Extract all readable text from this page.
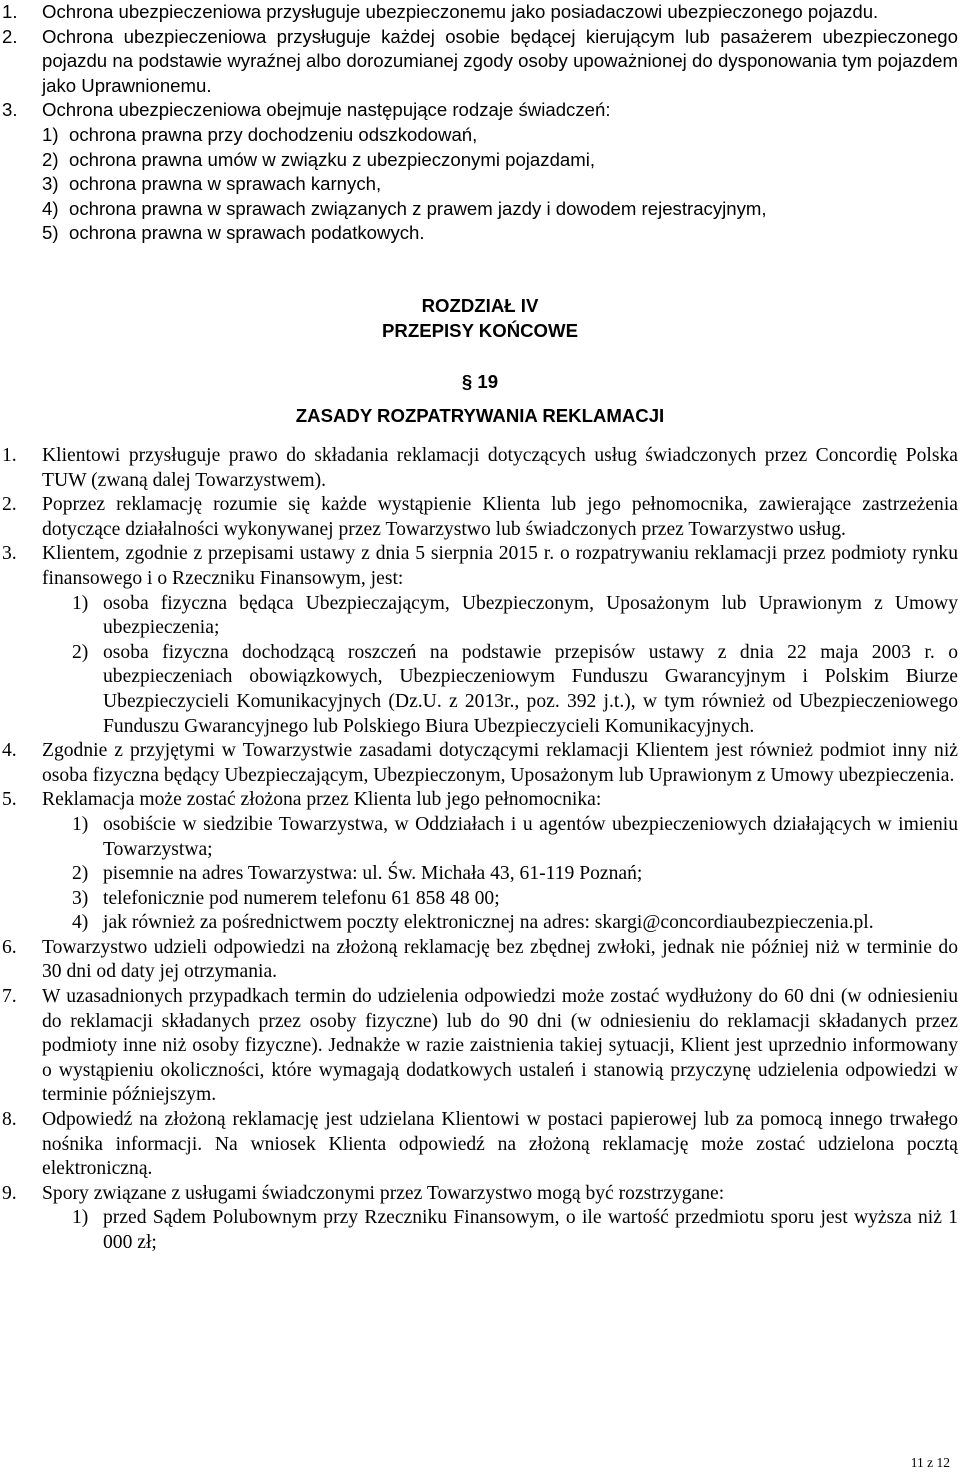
1. Ochrona ubezpieczeniowa przysługuje ubezpieczonemu jako posiadaczowi ubezpieczonego pojazdu.
2. Ochrona ubezpieczeniowa przysługuje każdej osobie będącej kierującym lub pasażerem ubezpieczonego pojazdu na podstawie wyraźnej albo dorozumianej zgody osoby upoważnionej do dysponowania tym pojazdem jako Uprawnionemu.
3. Ochrona ubezpieczeniowa obejmuje następujące rodzaje świadczeń:
1) ochrona prawna przy dochodzeniu odszkodowań,
2) ochrona prawna umów w związku z ubezpieczonymi pojazdami,
3) ochrona prawna w sprawach karnych,
4) ochrona prawna w sprawach związanych z prawem jazdy i dowodem rejestracyjnym,
5) ochrona prawna w sprawach podatkowych.
ROZDZIAŁ IV
PRZEPISY KOŃCOWE
§ 19
ZASADY ROZPATRYWANIA REKLAMACJI
1. Klientowi przysługuje prawo do składania reklamacji dotyczących usług świadczonych przez Concordię Polska TUW (zwaną dalej Towarzystwem).
2. Poprzez reklamację rozumie się każde wystąpienie Klienta lub jego pełnomocnika, zawierające zastrzeżenia dotyczące działalności wykonywanej przez Towarzystwo lub świadczonych przez Towarzystwo usług.
3. Klientem, zgodnie z przepisami ustawy z dnia 5 sierpnia 2015 r. o rozpatrywaniu reklamacji przez podmioty rynku finansowego i o Rzeczniku Finansowym, jest:
1) osoba fizyczna będąca Ubezpieczającym, Ubezpieczonym, Uposażonym lub Uprawionym z Umowy ubezpieczenia;
2) osoba fizyczna dochodzącą roszczeń na podstawie przepisów ustawy z dnia 22 maja 2003 r. o ubezpieczeniach obowiązkowych, Ubezpieczeniowym Funduszu Gwarancyjnym i Polskim Biurze Ubezpieczycieli Komunikacyjnych (Dz.U. z 2013r., poz. 392 j.t.), w tym również od Ubezpieczeniowego Funduszu Gwarancyjnego lub Polskiego Biura Ubezpieczycieli Komunikacyjnych.
4. Zgodnie z przyjętymi w Towarzystwie zasadami dotyczącymi reklamacji Klientem jest również podmiot inny niż osoba fizyczna będący Ubezpieczającym, Ubezpieczonym, Uposażonym lub Uprawionym z Umowy ubezpieczenia.
5. Reklamacja może zostać złożona przez Klienta lub jego pełnomocnika:
1) osobiście w siedzibie Towarzystwa, w Oddziałach i u agentów ubezpieczeniowych działających w imieniu Towarzystwa;
2) pisemnie na adres Towarzystwa: ul. Św. Michała 43, 61-119 Poznań;
3) telefonicznie pod numerem telefonu 61 858 48 00;
4) jak również za pośrednictwem poczty elektronicznej na adres: skargi@concordiaubezpieczenia.pl.
6. Towarzystwo udzieli odpowiedzi na złożoną reklamację bez zbędnej zwłoki, jednak nie później niż w terminie do 30 dni od daty jej otrzymania.
7. W uzasadnionych przypadkach termin do udzielenia odpowiedzi może zostać wydłużony do 60 dni (w odniesieniu do reklamacji składanych przez osoby fizyczne) lub do 90 dni (w odniesieniu do reklamacji składanych przez podmioty inne niż osoby fizyczne). Jednakże w razie zaistnienia takiej sytuacji, Klient jest uprzednio informowany o wystąpieniu okoliczności, które wymagają dodatkowych ustaleń i stanowią przyczynę udzielenia odpowiedzi w terminie późniejszym.
8. Odpowiedź na złożoną reklamację jest udzielana Klientowi w postaci papierowej lub za pomocą innego trwałego nośnika informacji. Na wniosek Klienta odpowiedź na złożoną reklamację może zostać udzielona pocztą elektroniczną.
9. Spory związane z usługami świadczonymi przez Towarzystwo mogą być rozstrzygane:
1) przed Sądem Polubownym przy Rzeczniku Finansowym, o ile wartość przedmiotu sporu jest wyższa niż 1 000 zł;
11 z 12
